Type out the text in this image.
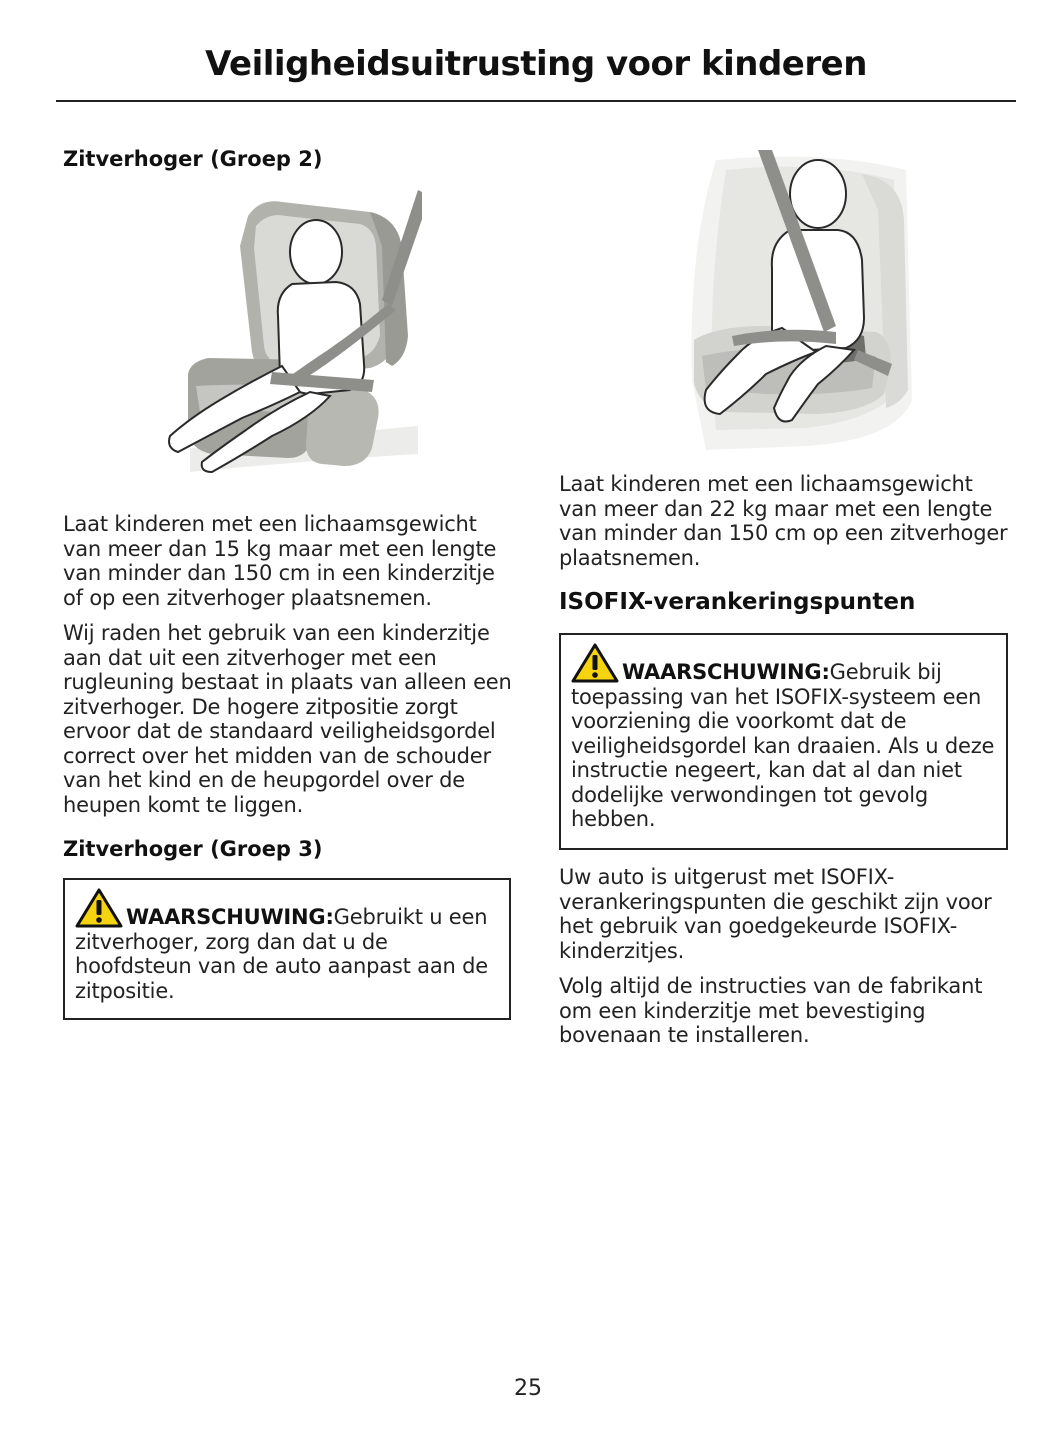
Veiligheidsuitrusting voor kinderen
Zitverhoger (Groep 2)

Laat kinderen met een lichaamsgewicht van meer dan 15 kg maar met een lengte van minder dan 150 cm in een kinderzitje of op een zitverhoger plaatsnemen.

Wij raden het gebruik van een kinderzitje aan dat uit een zitverhoger met een rugleuning bestaat in plaats van alleen een zitverhoger. De hogere zitpositie zorgt ervoor dat de standaard veiligheidsgordel correct over het midden van de schouder van het kind en de heupgordel over de heupen komt te liggen.

Zitverhoger (Groep 3)
WAARSCHUWING:Gebruikt u een zitverhoger, zorg dan dat u de hoofdsteun van de auto aanpast aan de zitpositie.

Laat kinderen met een lichaamsgewicht van meer dan 22 kg maar met een lengte van minder dan 150 cm op een zitverhoger plaatsnemen.

ISOFIX-verankeringspunten
WAARSCHUWING:Gebruik bij toepassing van het ISOFIX-systeem een voorziening die voorkomt dat de veiligheidsgordel kan draaien. Als u deze instructie negeert, kan dat al dan niet dodelijke verwondingen tot gevolg hebben.

Uw auto is uitgerust met ISOFIX-verankeringspunten die geschikt zijn voor het gebruik van goedgekeurde ISOFIX-kinderzitjes.

Volg altijd de instructies van de fabrikant om een kinderzitje met bevestiging bovenaan te installeren.

25
